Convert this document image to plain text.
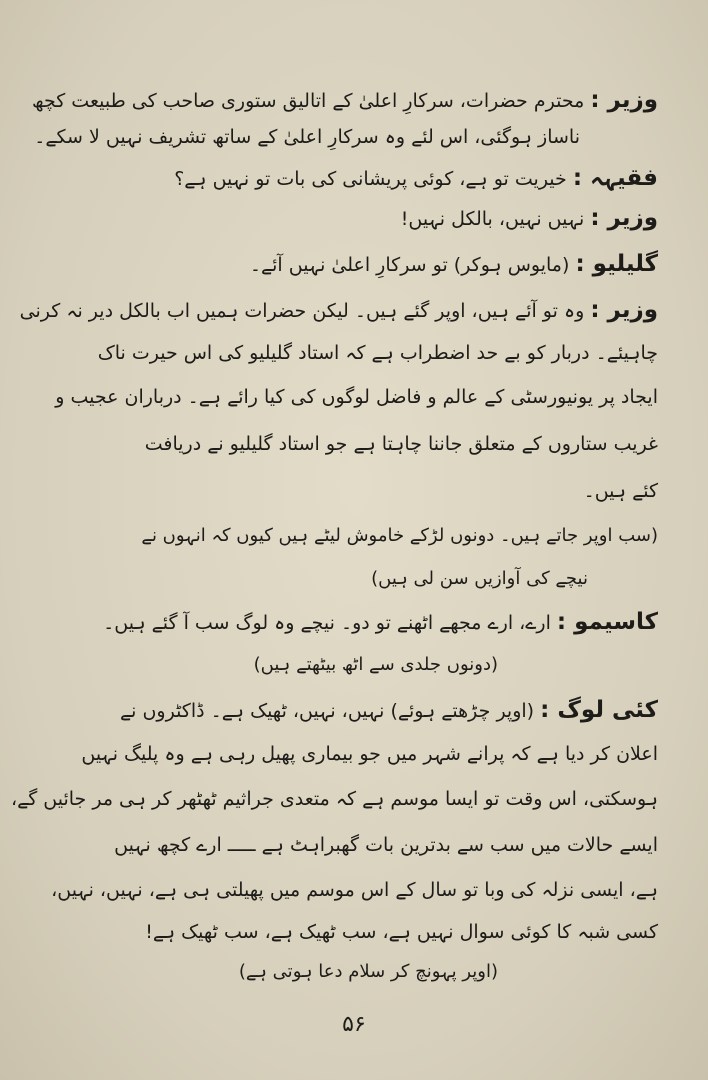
وزیر : محترم حضرات، سرکارِ اعلیٰ کے اتالیق ستوری صاحب کی طبیعت کچھ
ناساز ہوگئی، اس لئے وہ سرکارِ اعلیٰ کے ساتھ تشریف نہیں لا سکے۔
فقیہہ : خیریت تو ہے، کوئی پریشانی کی بات تو نہیں ہے؟
وزیر : نہیں نہیں، بالکل نہیں!
گلیلیو : (مایوس ہوکر) تو سرکارِ اعلیٰ نہیں آئے۔
وزیر : وہ تو آئے ہیں، اوپر گئے ہیں۔ لیکن حضرات ہمیں اب بالکل دیر نہ کرنی
چاہیئے۔ دربار کو بے حد اضطراب ہے کہ استاد گلیلیو کی اس حیرت ناک
ایجاد پر یونیورسٹی کے عالم و فاضل لوگوں کی کیا رائے ہے۔ درباران عجیب و
غریب ستاروں کے متعلق جاننا چاہتا ہے جو استاد گلیلیو نے دریافت
کئے ہیں۔
(سب اوپر جاتے ہیں۔ دونوں لڑکے خاموش لیٹے ہیں کیوں کہ انہوں نے
نیچے کی آوازیں سن لی ہیں)
کاسیمو : ارے، ارے مجھے اٹھنے تو دو۔ نیچے وہ لوگ سب آ گئے ہیں۔
(دونوں جلدی سے اٹھ بیٹھتے ہیں)
کئی لوگ : (اوپر چڑھتے ہوئے) نہیں، نہیں، ٹھیک ہے۔ ڈاکٹروں نے
اعلان کر دیا ہے کہ پرانے شہر میں جو بیماری پھیل رہی ہے وہ پلیگ نہیں
ہوسکتی، اس وقت تو ایسا موسم ہے کہ متعدی جراثیم ٹھٹھر کر ہی مر جائیں گے،
ایسے حالات میں سب سے بدترین بات گھبراہٹ ہے ـــــ ارے کچھ نہیں
ہے، ایسی نزلہ کی وبا تو سال کے اس موسم میں پھیلتی ہی ہے، نہیں، نہیں،
کسی شبہ کا کوئی سوال نہیں ہے، سب ٹھیک ہے، سب ٹھیک ہے!
(اوپر پہونچ کر سلام دعا ہوتی ہے)
۵۶
